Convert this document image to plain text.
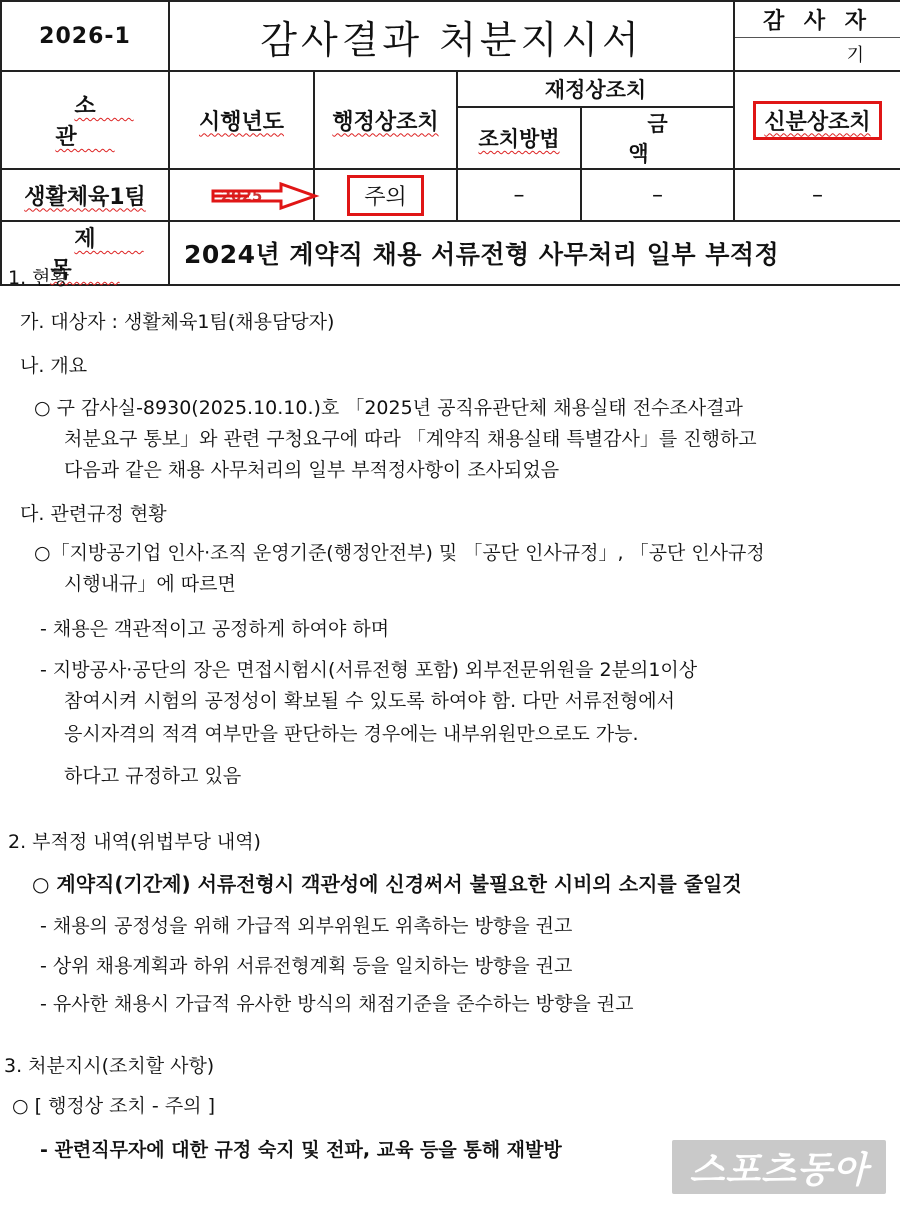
2026-1	감사결과 처분지시서				감 사 자
					기
소 관	시행년도	행정상조치	재정상조치		신분상조치
			조치방법	금 액	
생활체육1팀	2025	주의	–	–	–
제 목	2024년 계약직 채용 서류전형 사무처리 일부 부적정				
1. 현황
가. 대상자 : 생활체육1팀(채용담당자)
나. 개요
○ 구 감사실-8930(2025.10.10.)호 「2025년 공직유관단체 채용실태 전수조사결과
처분요구 통보」와 관련 구청요구에 따라 「계약직 채용실태 특별감사」를 진행하고
다음과 같은 채용 사무처리의 일부 부적정사항이 조사되었음
다. 관련규정 현황
○「지방공기업 인사·조직 운영기준(행정안전부) 및 「공단 인사규정」, 「공단 인사규정
시행내규」에 따르면
- 채용은 객관적이고 공정하게 하여야 하며
- 지방공사·공단의 장은 면접시험시(서류전형 포함) 외부전문위원을 2분의1이상
참여시켜 시험의 공정성이 확보될 수 있도록 하여야 함. 다만 서류전형에서
응시자격의 적격 여부만을 판단하는 경우에는 내부위원만으로도 가능.
하다고 규정하고 있음
2. 부적정 내역(위법부당 내역)
○ 계약직(기간제) 서류전형시 객관성에 신경써서 불필요한 시비의 소지를 줄일것
- 채용의 공정성을 위해 가급적 외부위원도 위촉하는 방향을 권고
- 상위 채용계획과 하위 서류전형계획 등을 일치하는 방향을 권고
- 유사한 채용시 가급적 유사한 방식의 채점기준을 준수하는 방향을 권고
3. 처분지시(조치할 사항)
○ [ 행정상 조치 - 주의 ]
- 관련직무자에 대한 규정 숙지 및 전파, 교육 등을 통해 재발방	스포츠동아
